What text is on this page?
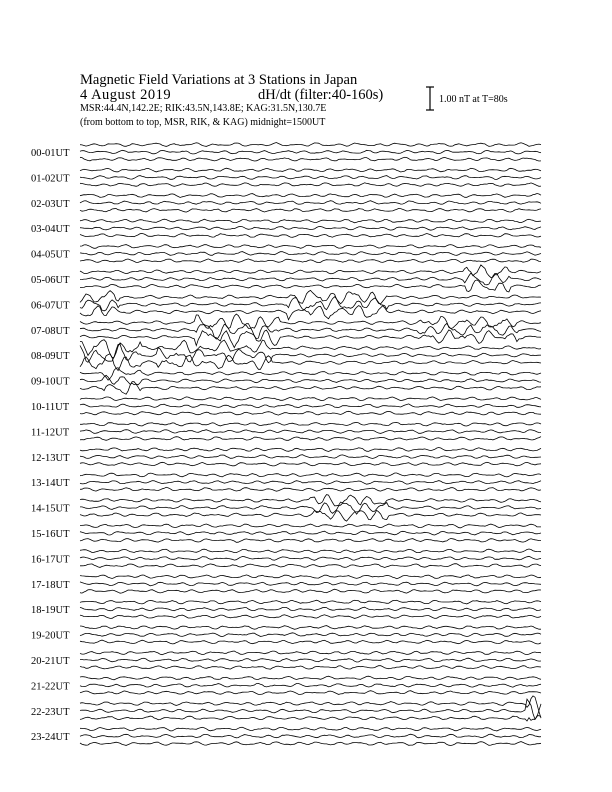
Magnetic Field Variations at 3 Stations in Japan
4 August 2019	dH/dt (filter:40-160s)
MSR:44.4N,142.2E; RIK:43.5N,143.8E; KAG:31.5N,130.7E
(from bottom to top, MSR, RIK, & KAG) midnight=1500UT
1.00 nT at T=80s
00-01UT
01-02UT
02-03UT
03-04UT
04-05UT
05-06UT
06-07UT
07-08UT
08-09UT
09-10UT
10-11UT
11-12UT
12-13UT
13-14UT
14-15UT
15-16UT
16-17UT
17-18UT
18-19UT
19-20UT
20-21UT
21-22UT
22-23UT
23-24UT
